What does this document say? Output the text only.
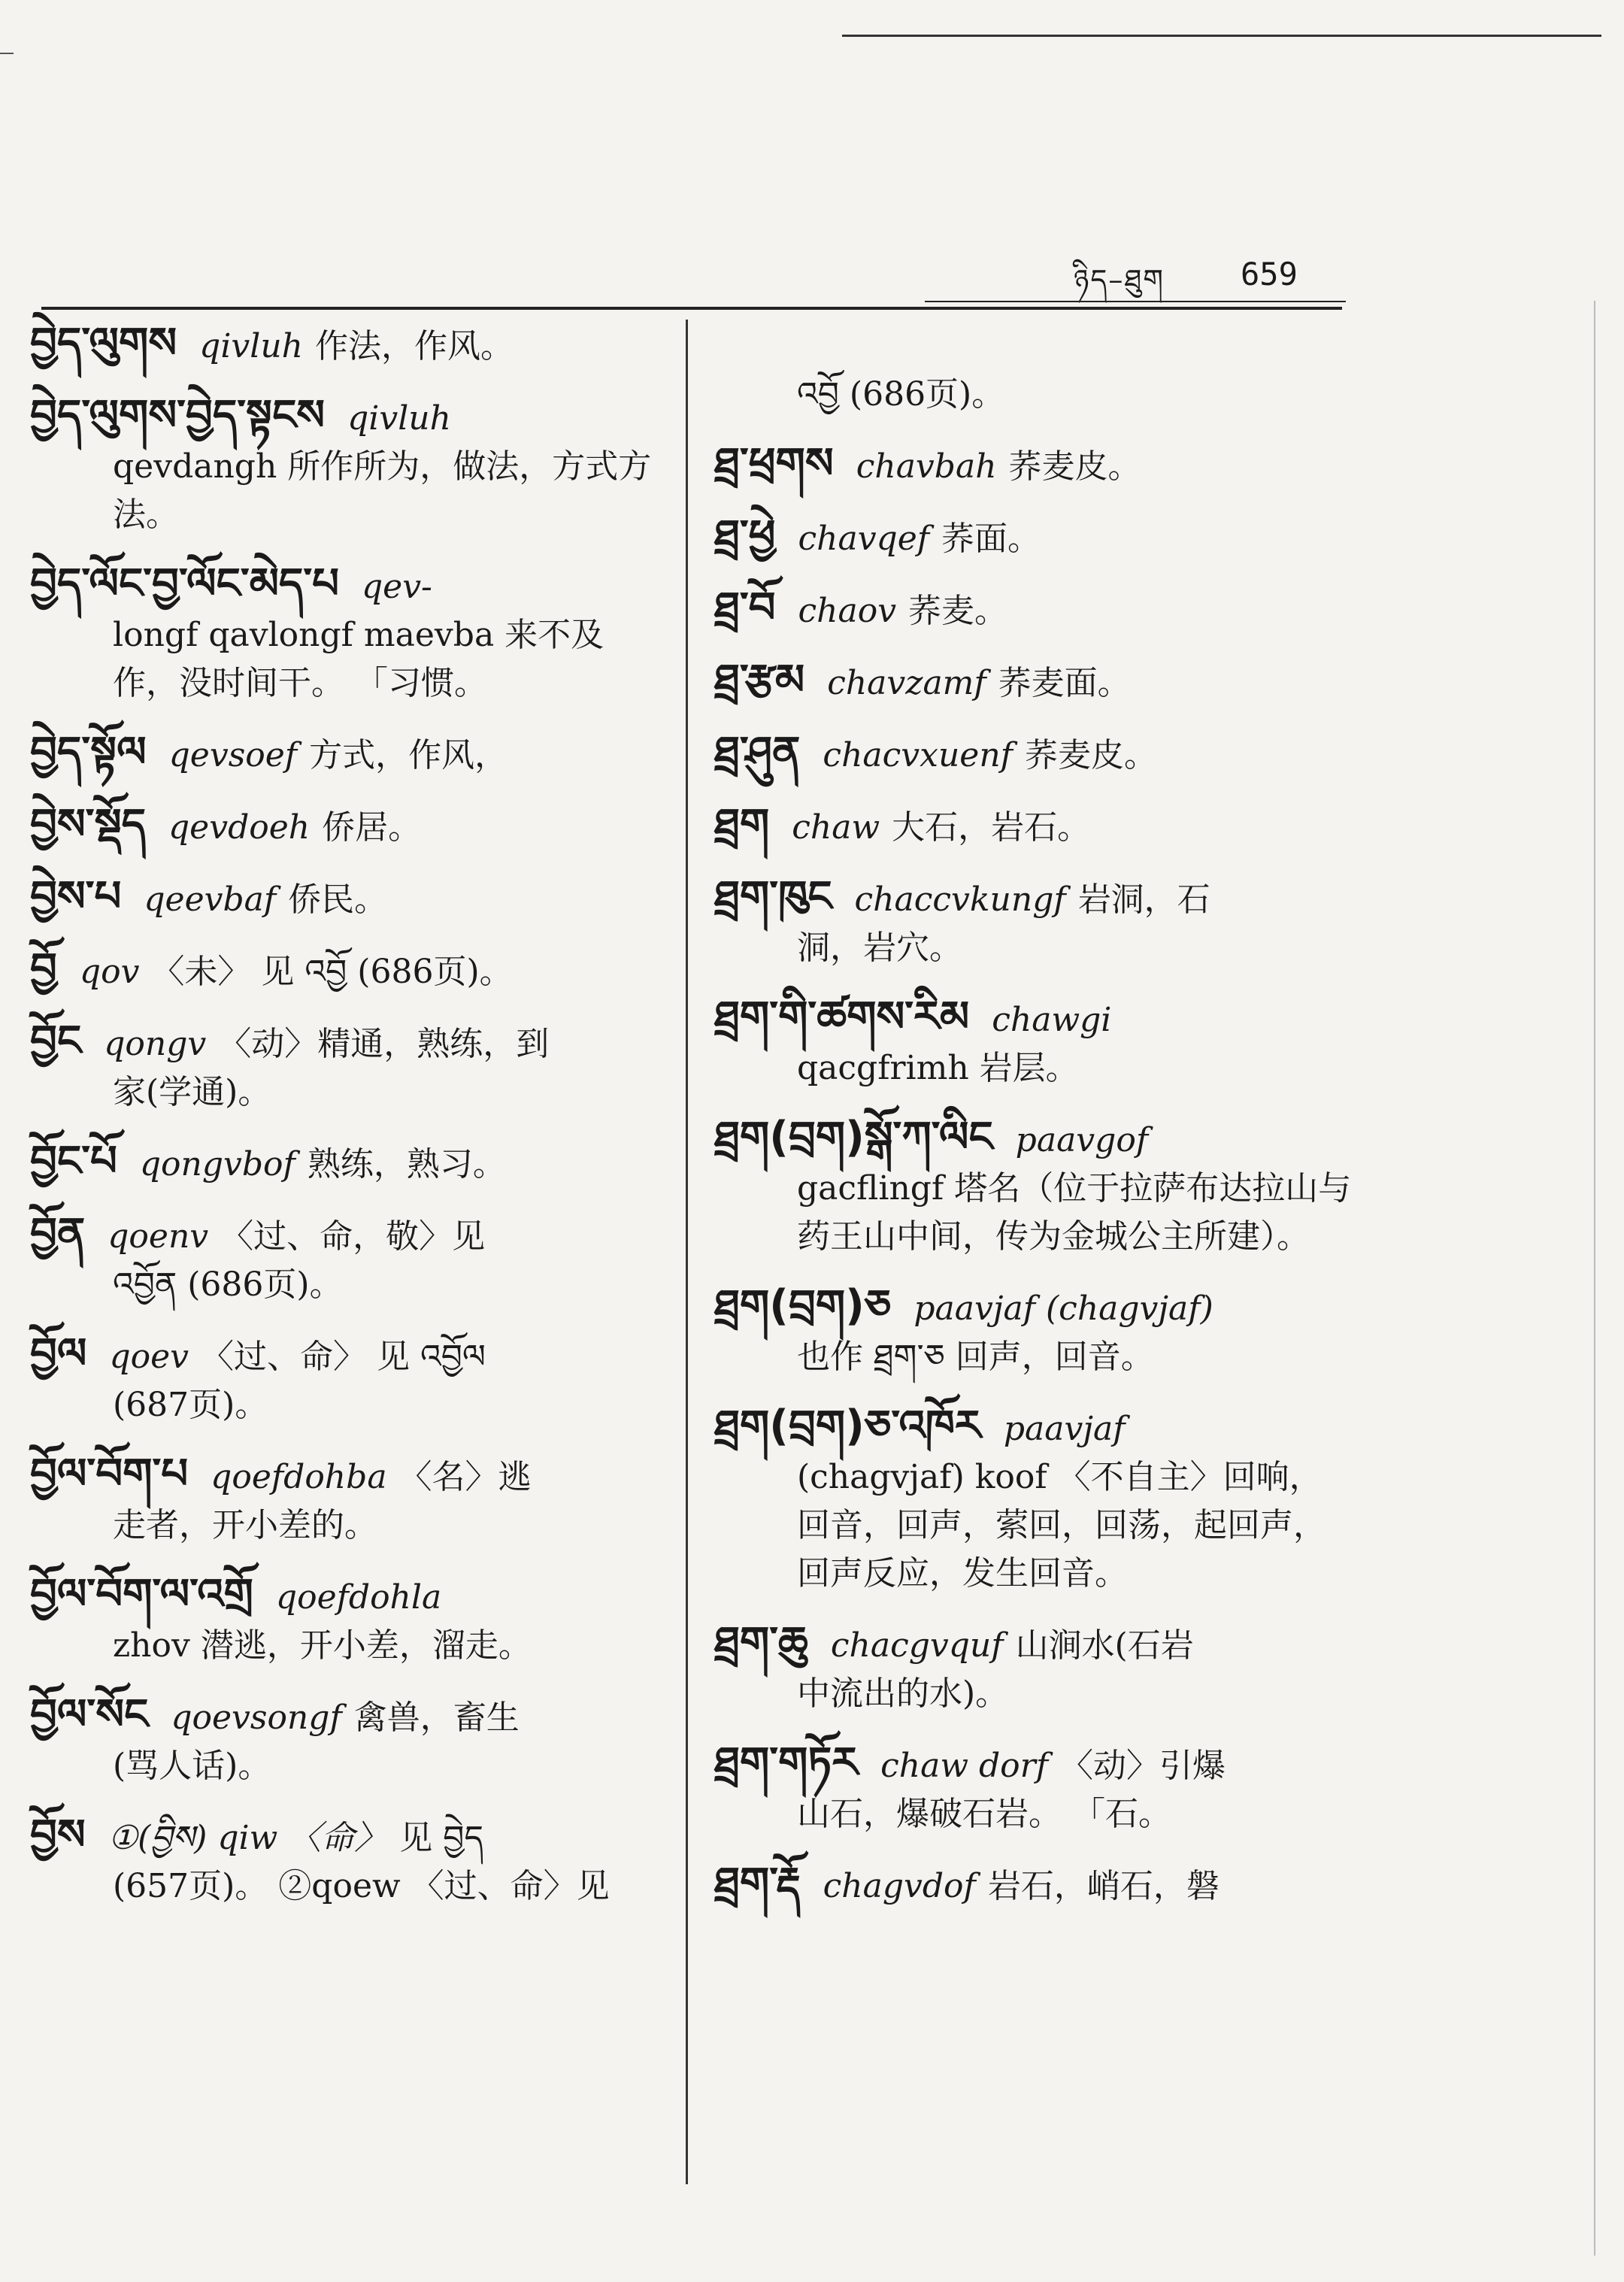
ཉིད–ཐུག 659
བྱེད་ལུགས qivluh 作法，作风。
བྱེད་ལུགས་བྱེད་སྟངས qivluh
qevdangh 所作所为，做法，方式方法。
བྱེད་ལོང་བྱ་ལོང་མེད་པ qev-
longf qavlongf maevba 来不及作，没时间干。 「习惯。
བྱེད་སྟོལ qevsoef 方式，作风，
བྱེས་སྡོད qevdoeh 侨居。
བྱེས་པ qeevbaf 侨民。
བྱོ qov 〈未〉 见 འབྱོ (686页)。
བྱོང qongv 〈动〉精通，熟练，到
家(学通)。
བྱོང་པོ qongvbof 熟练，熟习。
བྱོན qoenv 〈过、命，敬〉见
འབྱོན (686页)。
བྱོལ qoev 〈过、命〉 见 འབྱོལ
(687页)。
བྱོལ་བོག་པ qoefdohba 〈名〉逃
走者，开小差的。
བྱོལ་བོག་ལ་འགྲོ qoefdohla
zhov 潜逃，开小差，溜走。
བྱོལ་སོང qoevsongf 禽兽，畜生
(骂人话)。
བྱོས ①(བྱིས) qiw 〈命〉 见 བྱེད
(657页)。 ②qoew 〈过、命〉见
འབྱོ (686页)。
ཐྲ་ཕྲགས chavbah 荞麦皮。
ཐྲ་ཕྱེ chavqef 荞面。
ཐྲ་བོ chaov 荞麦。
ཐྲ་རྩམ chavzamf 荞麦面。
ཐྲ་ཤུན chacvxuenf 荞麦皮。
ཐྲག chaw 大石，岩石。
ཐྲག་ཁུང chaccvkungf 岩洞，石
洞，岩穴。
ཐྲག་གི་ཚགས་རིམ chawgi
qacgfrimh 岩层。
ཐྲག(བྲག)སྒོ་ཀ་ལིང paavgof
gacflingf 塔名（位于拉萨布达拉山与药王山中间，传为金城公主所建）。
ཐྲག(བྲག)ཅ paavjaf (chagvjaf)
也作 ཐྲག་ཅ 回声，回音。
ཐྲག(བྲག)ཅ་འཁོར paavjaf
(chagvjaf) koof 〈不自主〉回响，回音，回声，萦回，回荡，起回声，回声反应，发生回音。
ཐྲག་ཆུ chacgvquf 山涧水(石岩
中流出的水)。
ཐྲག་གཏོར chaw dorf 〈动〉引爆
山石，爆破石岩。 「石。
ཐྲག་རྡོ chagvdof 岩石，峭石，磐
